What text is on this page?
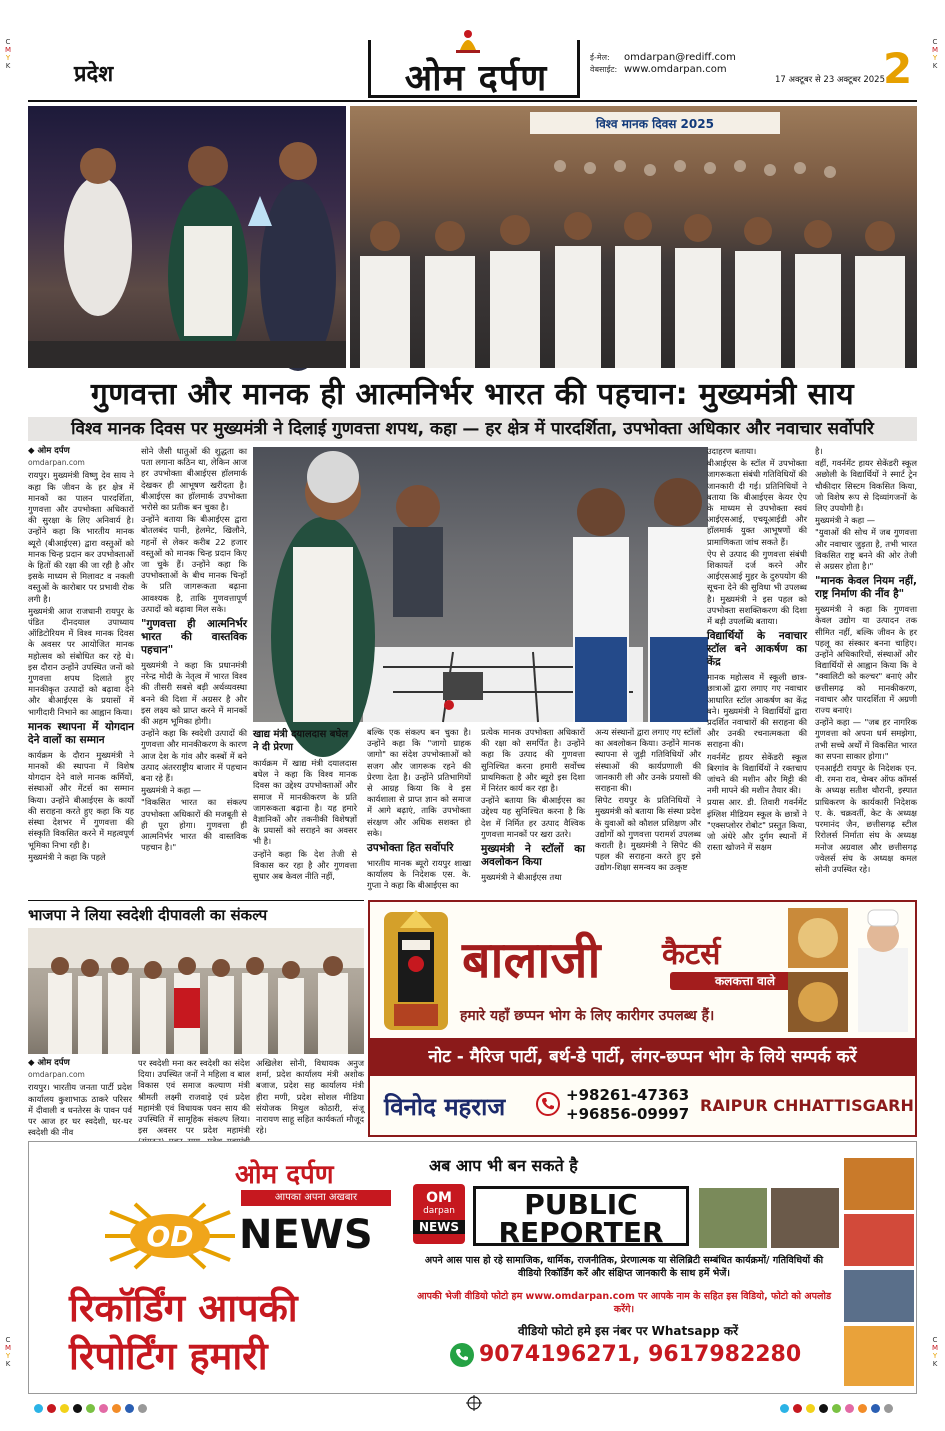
C
M
Y
K
C
M
Y
K
C
M
Y
K
C
M
Y
K
प्रदेश	ओम दर्पण
ई-मेल: omdarpan@rediff.com
वेबसाईट: www.omdarpan.com
17 अक्टूबर से 23 अक्टूबर 2025
2
विश्व मानक दिवस 2025
गुणवत्ता और मानक ही आत्मनिर्भर भारत की पहचान: मुख्यमंत्री साय
विश्व मानक दिवस पर मुख्यमंत्री ने दिलाई गुणवत्ता शपथ, कहा — हर क्षेत्र में पारदर्शिता, उपभोक्ता अधिकार और नवाचार सर्वोपरि
◆ ओम दर्पण
omdarpan.com

रायपुर। मुख्यमंत्री विष्णु देव साय ने कहा कि जीवन के हर क्षेत्र में मानकों का पालन पारदर्शिता, गुणवत्ता और उपभोक्ता अधिकारों की सुरक्षा के लिए अनिवार्य है। उन्होंने कहा कि भारतीय मानक ब्यूरो (बीआईएस) द्वारा वस्तुओं को मानक चिन्ह प्रदान कर उपभोक्ताओं के हितों की रक्षा की जा रही है और इसके माध्यम से मिलावट व नकली वस्तुओं के कारोबार पर प्रभावी रोक लगी है।

मुख्यमंत्री आज राजधानी रायपुर के पंडित दीनदयाल उपाध्याय ऑडिटोरियम में विश्व मानक दिवस के अवसर पर आयोजित मानक महोत्सव को संबोधित कर रहे थे। इस दौरान उन्होंने उपस्थित जनों को गुणवत्ता शपथ दिलाते हुए मानकीकृत उत्पादों को बढ़ावा देने और बीआईएस के प्रयासों में भागीदारी निभाने का आह्वान किया।

मानक स्थापना में योगदान देने वालों का सम्मान

कार्यक्रम के दौरान मुख्यमंत्री ने मानकों की स्थापना में विशेष योगदान देने वाले मानक कर्मियों, संस्थाओं और मेंटर्स का सम्मान किया। उन्होंने बीआईएस के कार्यों की सराहना करते हुए कहा कि यह संस्था देशभर में गुणवत्ता की संस्कृति विकसित करने में महत्वपूर्ण भूमिका निभा रही है।

मुख्यमंत्री ने कहा कि पहले

सोने जैसी धातुओं की शुद्धता का पता लगाना कठिन था, लेकिन आज हर उपभोक्ता बीआईएस हॉलमार्क देखकर ही आभूषण खरीदता है। बीआईएस का हॉलमार्क उपभोक्ता भरोसे का प्रतीक बन चुका है।

उन्होंने बताया कि बीआईएस द्वारा बोतलबंद पानी, हेलमेट, खिलौने, गहनों से लेकर करीब 22 हजार वस्तुओं को मानक चिन्ह प्रदान किए जा चुके हैं। उन्होंने कहा कि उपभोक्ताओं के बीच मानक चिन्हों के प्रति जागरूकता बढ़ाना आवश्यक है, ताकि गुणवत्तापूर्ण उत्पादों को बढ़ावा मिल सके।

"गुणवत्ता ही आत्मनिर्भर भारत की वास्तविक पहचान"

मुख्यमंत्री ने कहा कि प्रधानमंत्री नरेन्द्र मोदी के नेतृत्व में भारत विश्व की तीसरी सबसे बड़ी अर्थव्यवस्था बनने की दिशा में अग्रसर है और इस लक्ष्य को प्राप्त करने में मानकों की अहम भूमिका होगी।

उन्होंने कहा कि स्वदेशी उत्पादों की गुणवत्ता और मानकीकरण के कारण आज देश के गांव और कस्बों में बने उत्पाद अंतरराष्ट्रीय बाजार में पहचान बना रहे हैं।

मुख्यमंत्री ने कहा —

"विकसित भारत का संकल्प उपभोक्ता अधिकारों की मजबूती से ही पूरा होगा। गुणवत्ता ही आत्मनिर्भर भारत की वास्तविक पहचान है।"

खाद्य मंत्री दयालदास बघेल ने दी प्रेरणा

कार्यक्रम में खाद्य मंत्री दयालदास बघेल ने कहा कि विश्व मानक दिवस का उद्देश्य उपभोक्ताओं और समाज में मानकीकरण के प्रति जागरूकता बढ़ाना है। यह हमारे वैज्ञानिकों और तकनीकी विशेषज्ञों के प्रयासों को सराहने का अवसर भी है।

उन्होंने कहा कि देश तेजी से विकास कर रहा है और गुणवत्ता सुधार अब केवल नीति नहीं,

बल्कि एक संकल्प बन चुका है। उन्होंने कहा कि "जागो ग्राहक जागो" का संदेश उपभोक्ताओं को सजग और जागरूक रहने की प्रेरणा देता है। उन्होंने प्रतिभागियों से आग्रह किया कि वे इस कार्यशाला से प्राप्त ज्ञान को समाज में आगे बढ़ाएं, ताकि उपभोक्ता संरक्षण और अधिक सशक्त हो सके।

उपभोक्ता हित सर्वोपरि

भारतीय मानक ब्यूरो रायपुर शाखा कार्यालय के निदेशक एस. के. गुप्ता ने कहा कि बीआईएस का

प्रत्येक मानक उपभोक्ता अधिकारों की रक्षा को समर्पित है। उन्होंने कहा कि उत्पाद की गुणवत्ता सुनिश्चित करना हमारी सर्वोच्च प्राथमिकता है और ब्यूरो इस दिशा में निरंतर कार्य कर रहा है।

उन्होंने बताया कि बीआईएस का उद्देश्य यह सुनिश्चित करना है कि देश में निर्मित हर उत्पाद वैश्विक गुणवत्ता मानकों पर खरा उतरे।

मुख्यमंत्री ने स्टॉलों का अवलोकन किया

मुख्यमंत्री ने बीआईएस तथा

अन्य संस्थानों द्वारा लगाए गए स्टॉलों का अवलोकन किया। उन्होंने मानक स्थापना से जुड़ी गतिविधियों और संस्थाओं की कार्यप्रणाली की जानकारी ली और उनके प्रयासों की सराहना की।

सिपेट रायपुर के प्रतिनिधियों ने मुख्यमंत्री को बताया कि संस्था प्रदेश के युवाओं को कौशल प्रशिक्षण और उद्योगों को गुणवत्ता परामर्श उपलब्ध कराती है। मुख्यमंत्री ने सिपेट की पहल की सराहना करते हुए इसे उद्योग-शिक्षा समन्वय का उत्कृष्ट

उदाहरण बताया।

बीआईएस के स्टॉल में उपभोक्ता जागरूकता संबंधी गतिविधियों की जानकारी दी गई। प्रतिनिधियों ने बताया कि बीआईएस केयर ऐप के माध्यम से उपभोक्ता स्वयं आईएसआई, एचयूआईडी और हॉलमार्क युक्त आभूषणों की प्रामाणिकता जांच सकते हैं।

ऐप से उत्पाद की गुणवत्ता संबंधी शिकायतें दर्ज करने और आईएसआई मुहर के दुरुपयोग की सूचना देने की सुविधा भी उपलब्ध है। मुख्यमंत्री ने इस पहल को उपभोक्ता सशक्तिकरण की दिशा में बड़ी उपलब्धि बताया।

विद्यार्थियों के नवाचार स्टॉल बने आकर्षण का केंद्र

मानक महोत्सव में स्कूली छात्र-छात्राओं द्वारा लगाए गए नवाचार आधारित स्टॉल आकर्षण का केंद्र बने। मुख्यमंत्री ने विद्यार्थियों द्वारा प्रदर्शित नवाचारों की सराहना की और उनकी रचनात्मकता की सराहना की।

गवर्नमेंट हायर सेकेंडरी स्कूल बिरगांव के विद्यार्थियों ने रक्तचाप जांचने की मशीन और मिट्टी की नमी मापने की मशीन तैयार की।

प्रयास आर. डी. तिवारी गवर्नमेंट इंग्लिश मीडियम स्कूल के छात्रों ने "एक्सप्लोरर रोबोट" प्रस्तुत किया, जो अंधेरे और दुर्गम स्थानों में रास्ता खोजने में सक्षम

है।

वहीं, गवर्नमेंट हायर सेकेंडरी स्कूल अछोली के विद्यार्थियों ने स्मार्ट ट्रेन चौकीदार सिस्टम विकसित किया, जो विशेष रूप से दिव्यांगजनों के लिए उपयोगी है।

मुख्यमंत्री ने कहा —

"युवाओं की सोच में जब गुणवत्ता और नवाचार जुड़ता है, तभी भारत विकसित राष्ट्र बनने की ओर तेजी से अग्रसर होता है।"

"मानक केवल नियम नहीं, राष्ट्र निर्माण की नींव है"

मुख्यमंत्री ने कहा कि गुणवत्ता केवल उद्योग या उत्पादन तक सीमित नहीं, बल्कि जीवन के हर पहलू का संस्कार बनना चाहिए। उन्होंने अधिकारियों, संस्थाओं और विद्यार्थियों से आह्वान किया कि वे "क्वालिटी को कल्चर" बनाएं और छत्तीसगढ़ को मानकीकरण, नवाचार और पारदर्शिता में अग्रणी राज्य बनाएं।

उन्होंने कहा — "जब हर नागरिक गुणवत्ता को अपना धर्म समझेगा, तभी सच्चे अर्थों में विकसित भारत का सपना साकार होगा।"

एनआईटी रायपुर के निदेशक एन. वी. रमना राव, चेम्बर ऑफ कॉमर्स के अध्यक्ष सतीश थौरानी, इस्पात प्राधिकरण के कार्यकारी निदेशक ए. के. चक्रवर्ती, केट के अध्यक्ष परमानंद जैन, छत्तीसगढ़ स्टील रिरोलर्स निर्माता संघ के अध्यक्ष मनोज अग्रवाल और छत्तीसगढ़ ज्वेलर्स संघ के अध्यक्ष कमल सोनी उपस्थित रहे।

भाजपा ने लिया स्वदेशी दीपावली का संकल्प
◆ ओम दर्पण
omdarpan.com

रायपुर। भारतीय जनता पार्टी प्रदेश कार्यालय कुशाभाऊ ठाकरे परिसर में दीवाली व धनतेरस के पावन पर्व पर आज हर घर स्वदेशी, घर-घर स्वदेशी की नीव

पर स्वदेशी मना कर स्वदेशी का संदेश दिया। उपस्थित जनों ने महिला व बाल विकास एवं समाज कल्याण मंत्री श्रीमती लक्ष्मी राजवाड़े एवं प्रदेश महामंत्री एवं विधायक पवन साय की उपस्थिति में सामूहिक संकल्प लिया। इस अवसर पर प्रदेश महामंत्री

अखिलेश सोनी, विधायक अनुज शर्मा, प्रदेश कार्यालय मंत्री अशोक बजाज, प्रदेश सह कार्यालय मंत्री हीरा मणी, प्रदेश सोशल मीडिया संयोजक मिथुल कोठारी, संजू नारायण साहू सहित कार्यकर्ता मौजूद रहे।

बालाजी कैटर्स
कलकत्ता वाले
हमारे यहाँ छप्पन भोग के लिए कारीगर उपलब्ध हैं।
नोट - मैरिज पार्टी, बर्थ-डे पार्टी, लंगर-छप्पन भोग के लिये सम्पर्क करें
विनोद महराज	+98261-47363
+96856-09997 RAIPUR CHHATTISGARH
ओम दर्पण
आपका अपना अखबार
OD NEWS
रिकॉर्डिंग आपकी
रिपोर्टिंग हमारी
अब आप भी बन सकते है
OM
darpan
NEWS
PUBLIC
REPORTER
अपने आस पास हो रहे सामाजिक, धार्मिक, राजनीतिक, प्रेरणात्मक या सेलिब्रिटी सम्बंधित कार्यक्रमों/ गतिविधियों की वीडियो रिकॉर्डिंग करें और संक्षिप्त जानकारी के साथ हमें भेजें।
आपकी भेजी वीडियो फोटो हम www.omdarpan.com पर आपके नाम के सहित इस विडियो, फोटो को अपलोड करेंगे।
वीडियो फोटो हमे इस नंबर पर Whatsapp करें
9074196271, 9617982280
